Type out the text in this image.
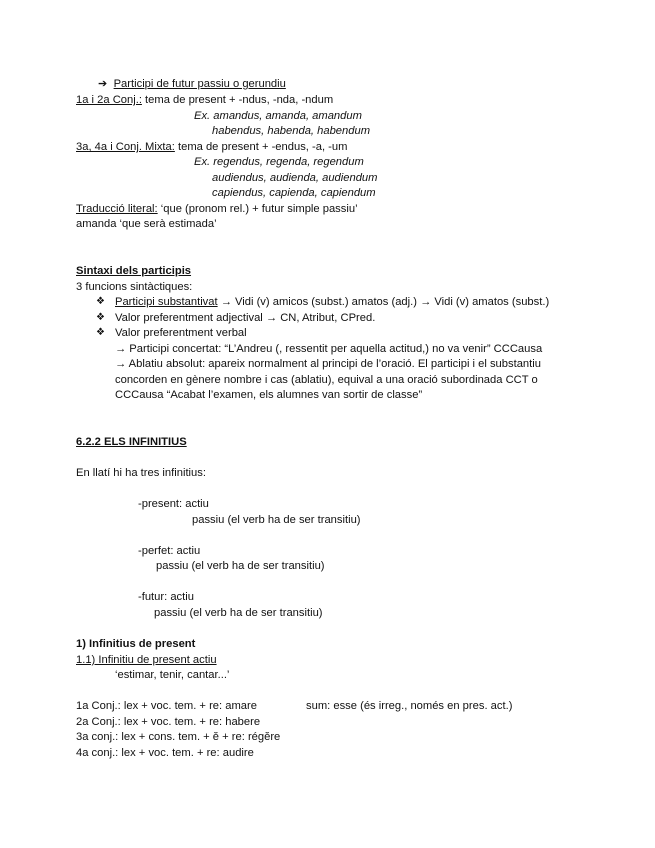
➔ Participi de futur passiu o gerundiu
1a i 2a Conj.: tema de present + -ndus, -nda, -ndum
Ex. amandus, amanda, amandum
habendus, habenda, habendum
3a, 4a i Conj. Mixta: tema de present + -endus, -a, -um
Ex. regendus, regenda, regendum
audiendus, audienda, audiendum
capiendus, capienda, capiendum
Traducció literal: ‘que (pronom rel.) + futur simple passiu’
amanda ‘que serà estimada’
Sintaxi dels participis
3 funcions sintàctiques:
❖ Participi substantivat → Vidi (v) amicos (subst.) amatos (adj.) → Vidi (v) amatos (subst.)
❖ Valor preferentment adjectival → CN, Atribut, CPred.
❖ Valor preferentment verbal
→ Participi concertat: “L’Andreu (, ressentit per aquella actitud,) no va venir” CCCausa
→ Ablatiu absolut: apareix normalment al principi de l’oració. El participi i el substantiu
concorden en gènere nombre i cas (ablatiu), equival a una oració subordinada CCT o
CCCausa “Acabat l’examen, els alumnes van sortir de classe”
6.2.2 ELS INFINITIUS
En llatí hi ha tres infinitius:
-present: actiu
passiu (el verb ha de ser transitiu)
-perfet: actiu
passiu (el verb ha de ser transitiu)
-futur: actiu
passiu (el verb ha de ser transitiu)
1) Infinitius de present
1.1) Infinitiu de present actiu
‘estimar, tenir, cantar...’
1a Conj.: lex + voc. tem. + re: amare	sum: esse (és irreg., només en pres. act.)
2a Conj.: lex + voc. tem. + re: habere
3a conj.: lex + cons. tem. + ĕ + re: régĕre
4a conj.: lex + voc. tem. + re: audire
